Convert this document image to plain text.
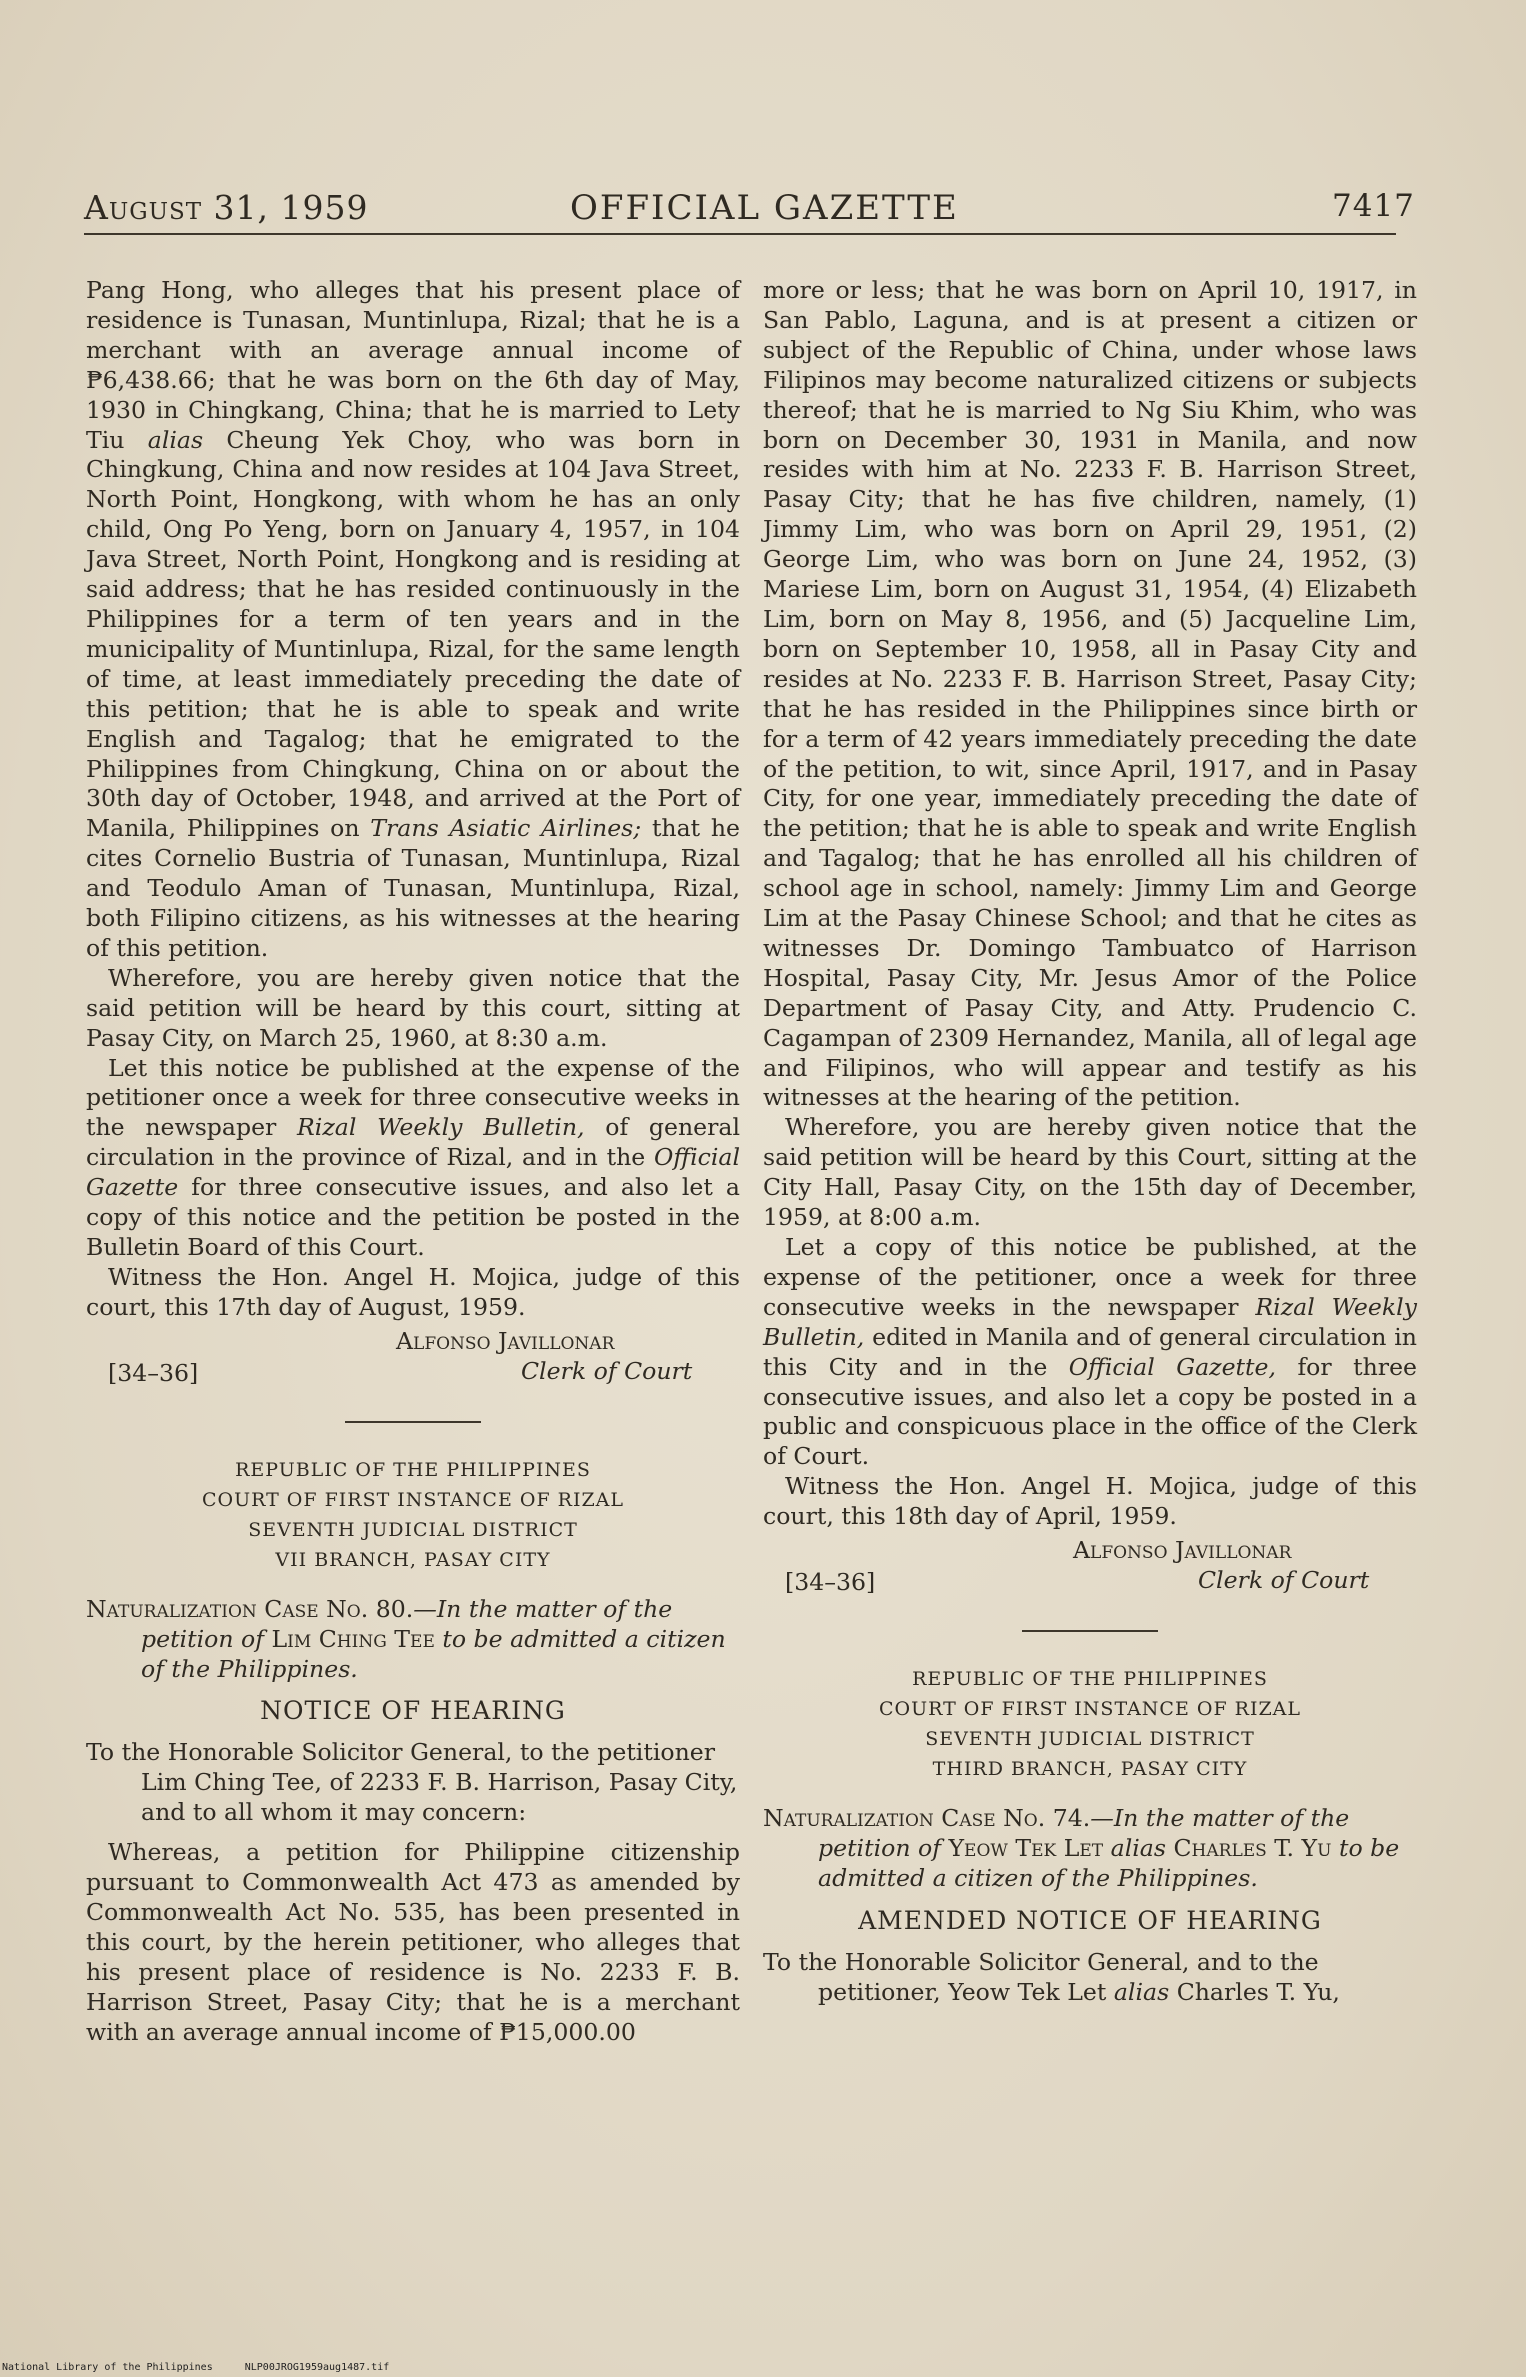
August 31, 1959	OFFICIAL GAZETTE	7417

Pang Hong, who alleges that his present place of residence is Tunasan, Muntinlupa, Rizal; that he is a merchant with an average annual income of ₱6,438.66; that he was born on the 6th day of May, 1930 in Chingkang, China; that he is married to Lety Tiu alias Cheung Yek Choy, who was born in Chingkung, China and now resides at 104 Java Street, North Point, Hongkong, with whom he has an only child, Ong Po Yeng, born on January 4, 1957, in 104 Java Street, North Point, Hongkong and is residing at said address; that he has resided continuously in the Philippines for a term of ten years and in the municipality of Muntinlupa, Rizal, for the same length of time, at least immediately preceding the date of this petition; that he is able to speak and write English and Tagalog; that he emigrated to the Philippines from Chingkung, China on or about the 30th day of October, 1948, and arrived at the Port of Manila, Philippines on Trans Asiatic Airlines; that he cites Cornelio Bustria of Tunasan, Muntinlupa, Rizal and Teodulo Aman of Tunasan, Muntinlupa, Rizal, both Filipino citizens, as his witnesses at the hearing of this petition.

Wherefore, you are hereby given notice that the said petition will be heard by this court, sitting at Pasay City, on March 25, 1960, at 8:30 a.m.

Let this notice be published at the expense of the petitioner once a week for three consecutive weeks in the newspaper Rizal Weekly Bulletin, of general circulation in the province of Rizal, and in the Official Gazette for three consecutive issues, and also let a copy of this notice and the petition be posted in the Bulletin Board of this Court.

Witness the Hon. Angel H. Mojica, judge of this court, this 17th day of August, 1959.

Alfonso Javillonar
[34–36]	Clerk of Court
REPUBLIC OF THE PHILIPPINES
COURT OF FIRST INSTANCE OF RIZAL
SEVENTH JUDICIAL DISTRICT
VII BRANCH, PASAY CITY
Naturalization Case No. 80.—In the matter of the petition of Lim Ching Tee to be admitted a citizen of the Philippines.
NOTICE OF HEARING
To the Honorable Solicitor General, to the petitioner Lim Ching Tee, of 2233 F. B. Harrison, Pasay City, and to all whom it may concern:

Whereas, a petition for Philippine citizenship pursuant to Commonwealth Act 473 as amended by Commonwealth Act No. 535, has been presented in this court, by the herein petitioner, who alleges that his present place of residence is No. 2233 F. B. Harrison Street, Pasay City; that he is a merchant with an average annual income of ₱15,000.00

more or less; that he was born on April 10, 1917, in San Pablo, Laguna, and is at present a citizen or subject of the Republic of China, under whose laws Filipinos may become naturalized citizens or subjects thereof; that he is married to Ng Siu Khim, who was born on December 30, 1931 in Manila, and now resides with him at No. 2233 F. B. Harrison Street, Pasay City; that he has five children, namely, (1) Jimmy Lim, who was born on April 29, 1951, (2) George Lim, who was born on June 24, 1952, (3) Mariese Lim, born on August 31, 1954, (4) Elizabeth Lim, born on May 8, 1956, and (5) Jacqueline Lim, born on September 10, 1958, all in Pasay City and resides at No. 2233 F. B. Harrison Street, Pasay City; that he has resided in the Philippines since birth or for a term of 42 years immediately preceding the date of the petition, to wit, since April, 1917, and in Pasay City, for one year, immediately preceding the date of the petition; that he is able to speak and write English and Tagalog; that he has enrolled all his children of school age in school, namely: Jimmy Lim and George Lim at the Pasay Chinese School; and that he cites as witnesses Dr. Domingo Tambuatco of Harrison Hospital, Pasay City, Mr. Jesus Amor of the Police Department of Pasay City, and Atty. Prudencio C. Cagampan of 2309 Hernandez, Manila, all of legal age and Filipinos, who will appear and testify as his witnesses at the hearing of the petition.

Wherefore, you are hereby given notice that the said petition will be heard by this Court, sitting at the City Hall, Pasay City, on the 15th day of December, 1959, at 8:00 a.m.

Let a copy of this notice be published, at the expense of the petitioner, once a week for three consecutive weeks in the newspaper Rizal Weekly Bulletin, edited in Manila and of general circulation in this City and in the Official Gazette, for three consecutive issues, and also let a copy be posted in a public and conspicuous place in the office of the Clerk of Court.

Witness the Hon. Angel H. Mojica, judge of this court, this 18th day of April, 1959.

Alfonso Javillonar
[34–36]	Clerk of Court
REPUBLIC OF THE PHILIPPINES
COURT OF FIRST INSTANCE OF RIZAL
SEVENTH JUDICIAL DISTRICT
THIRD BRANCH, PASAY CITY
Naturalization Case No. 74.—In the matter of the petition of Yeow Tek Let alias Charles T. Yu to be admitted a citizen of the Philippines.
AMENDED NOTICE OF HEARING
To the Honorable Solicitor General, and to the petitioner, Yeow Tek Let alias Charles T. Yu,
National Library of the Philippines	NLP00JROG1959aug1487.tif
